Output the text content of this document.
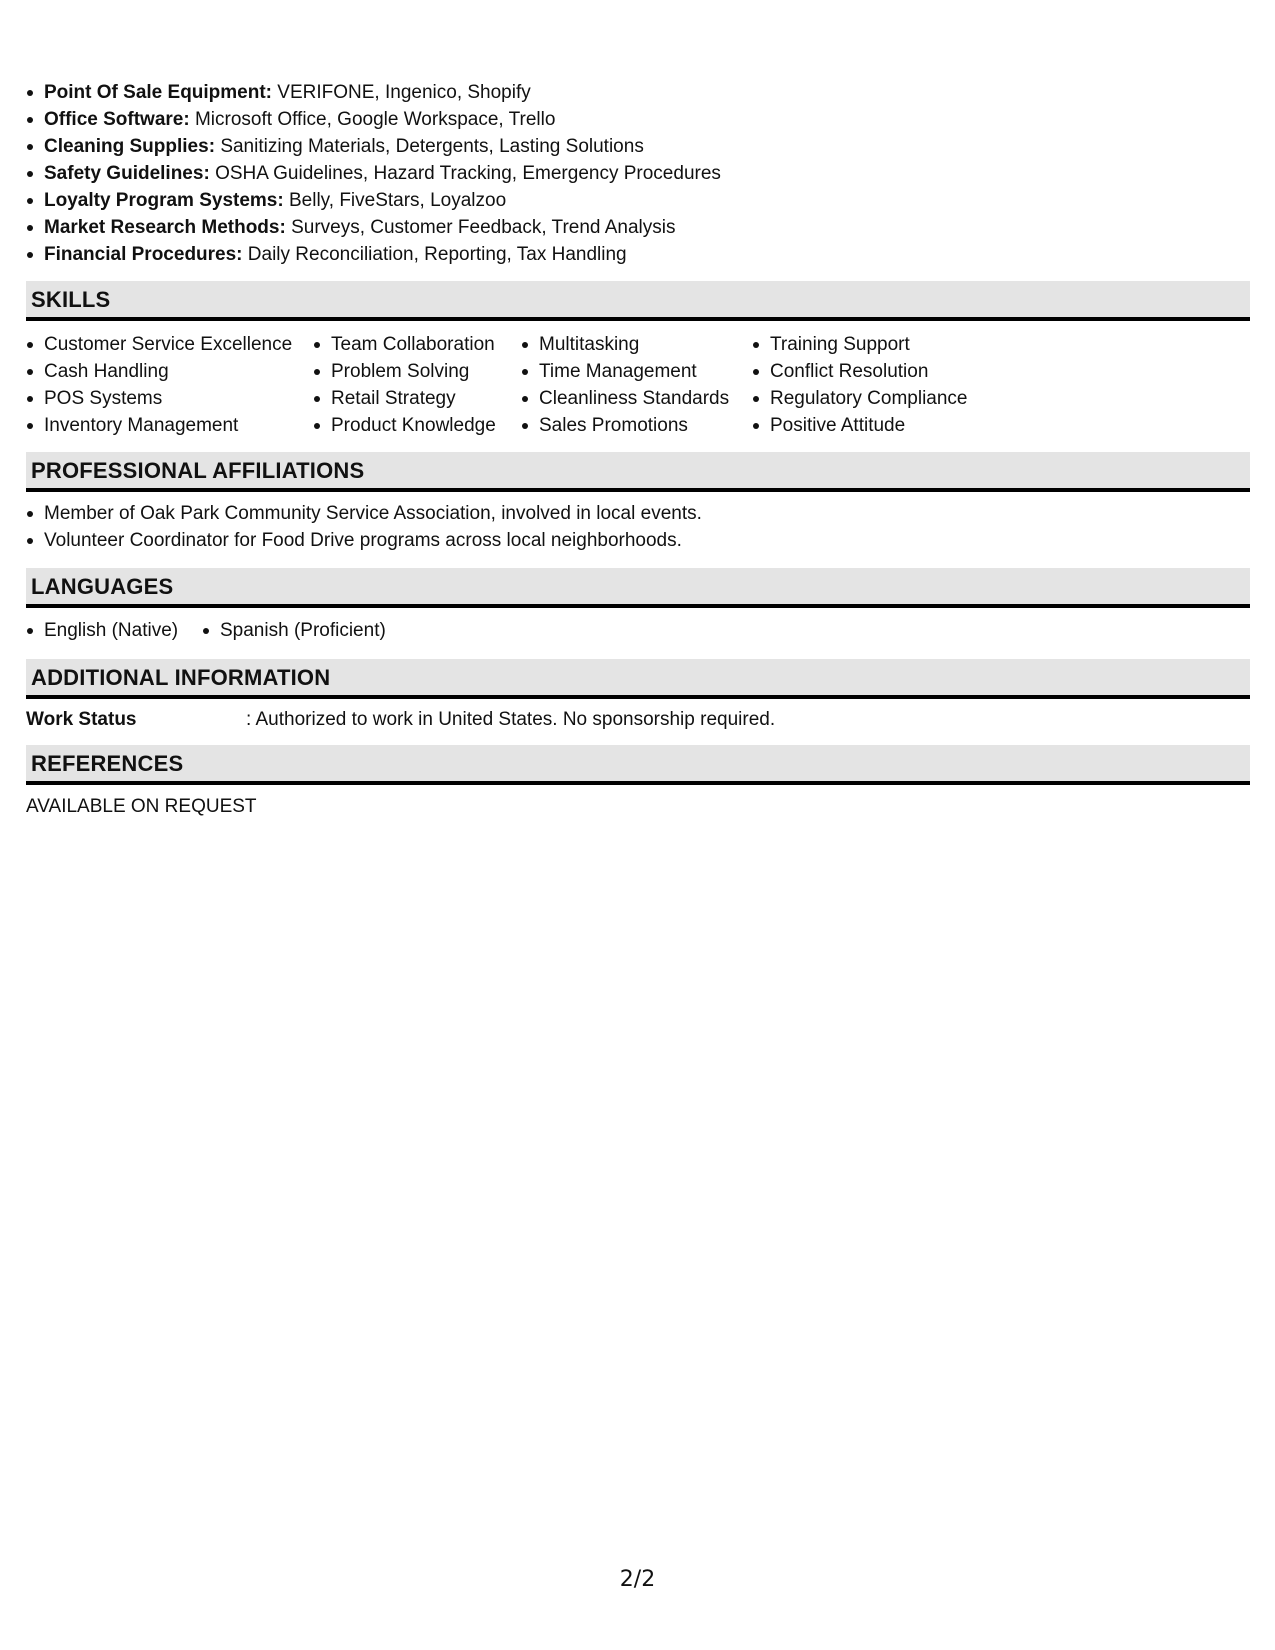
Point Of Sale Equipment: VERIFONE, Ingenico, Shopify
Office Software: Microsoft Office, Google Workspace, Trello
Cleaning Supplies: Sanitizing Materials, Detergents, Lasting Solutions
Safety Guidelines: OSHA Guidelines, Hazard Tracking, Emergency Procedures
Loyalty Program Systems: Belly, FiveStars, Loyalzoo
Market Research Methods: Surveys, Customer Feedback, Trend Analysis
Financial Procedures: Daily Reconciliation, Reporting, Tax Handling
SKILLS
Customer Service Excellence
Cash Handling
POS Systems
Inventory Management
Team Collaboration
Problem Solving
Retail Strategy
Product Knowledge
Multitasking
Time Management
Cleanliness Standards
Sales Promotions
Training Support
Conflict Resolution
Regulatory Compliance
Positive Attitude
PROFESSIONAL AFFILIATIONS
Member of Oak Park Community Service Association, involved in local events.
Volunteer Coordinator for Food Drive programs across local neighborhoods.
LANGUAGES
English (Native)	Spanish (Proficient)
ADDITIONAL INFORMATION
Work Status	: Authorized to work in United States. No sponsorship required.
REFERENCES
AVAILABLE ON REQUEST
2/2
